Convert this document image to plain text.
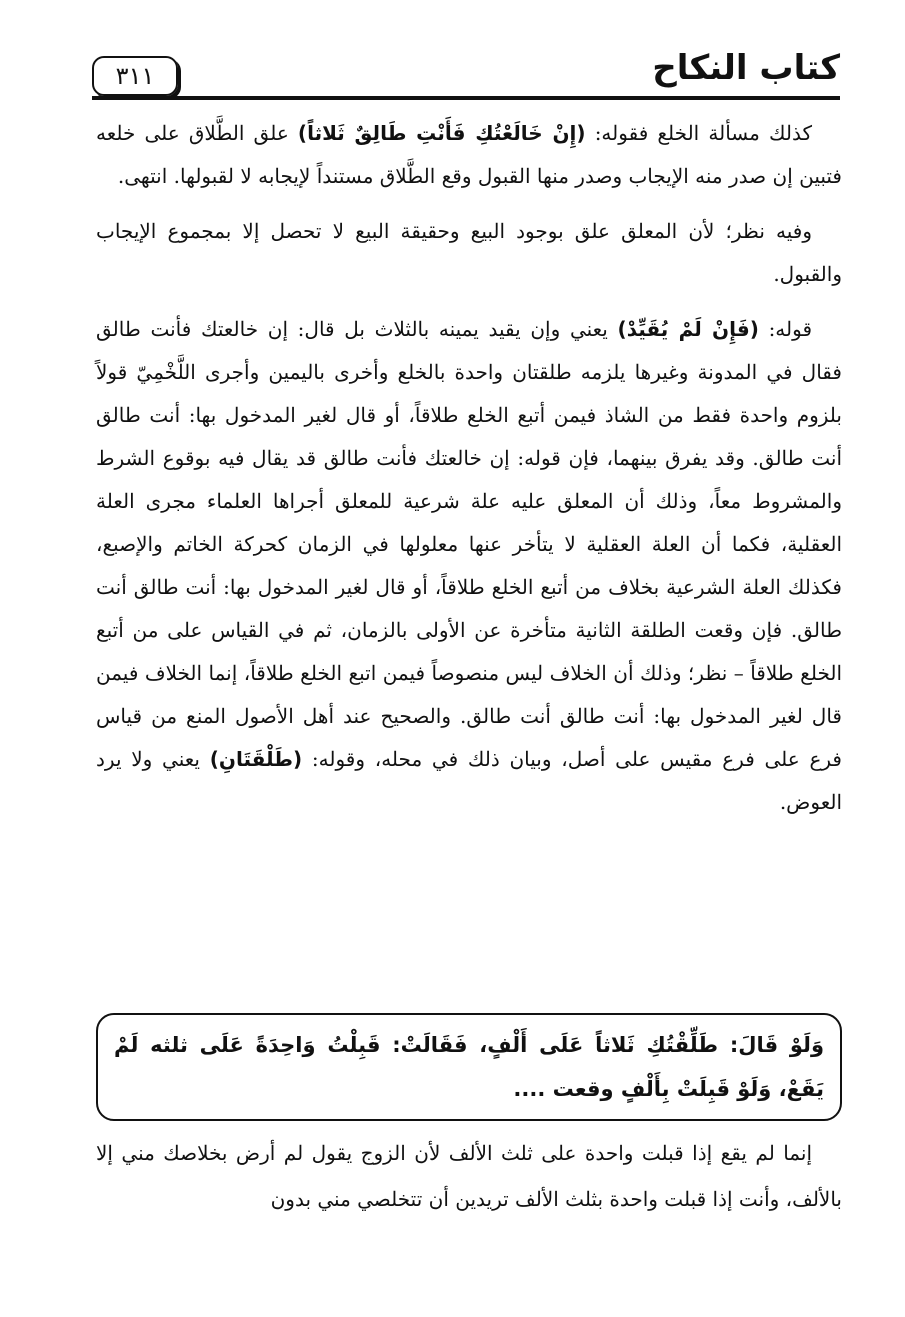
٣١١	كتاب النكاح

كذلك مسألة الخلع فقوله: (إِنْ خَالَعْتُكِ فَأَنْتِ طَالِقٌ ثَلاثاً) علق الطَّلاق على خلعه فتبين إن صدر منه الإيجاب وصدر منها القبول وقع الطَّلاق مستنداً لإيجابه لا لقبولها. انتهى.

وفيه نظر؛ لأن المعلق علق بوجود البيع وحقيقة البيع لا تحصل إلا بمجموع الإيجاب والقبول.

قوله: (فَإِنْ لَمْ يُقَيِّدْ) يعني وإن يقيد يمينه بالثلاث بل قال: إن خالعتك فأنت طالق فقال في المدونة وغيرها يلزمه طلقتان واحدة بالخلع وأخرى باليمين وأجرى اللَّخْمِيّ قولاً بلزوم واحدة فقط من الشاذ فيمن أتبع الخلع طلاقاً، أو قال لغير المدخول بها: أنت طالق أنت طالق. وقد يفرق بينهما، فإن قوله: إن خالعتك فأنت طالق قد يقال فيه بوقوع الشرط والمشروط معاً، وذلك أن المعلق عليه علة شرعية للمعلق أجراها العلماء مجرى العلة العقلية، فكما أن العلة العقلية لا يتأخر عنها معلولها في الزمان كحركة الخاتم والإصبع، فكذلك العلة الشرعية بخلاف من أتبع الخلع طلاقاً، أو قال لغير المدخول بها: أنت طالق أنت طالق. فإن وقعت الطلقة الثانية متأخرة عن الأولى بالزمان، ثم في القياس على من أتبع الخلع طلاقاً – نظر؛ وذلك أن الخلاف ليس منصوصاً فيمن اتبع الخلع طلاقاً، إنما الخلاف فيمن قال لغير المدخول بها: أنت طالق أنت طالق. والصحيح عند أهل الأصول المنع من قياس فرع على فرع مقيس على أصل، وبيان ذلك في محله، وقوله: (طَلْقَتَانِ) يعني ولا يرد العوض.

وَلَوْ قَالَ: طَلِّقْتُكِ ثَلاثاً عَلَى أَلْفٍ، فَقَالَتْ: قَبِلْتُ وَاحِدَةً عَلَى ثلثه لَمْ يَقَعْ، وَلَوْ قَبِلَتْ بِأَلْفٍ وقعت ....

إنما لم يقع إذا قبلت واحدة على ثلث الألف لأن الزوج يقول لم أرض بخلاصك مني إلا بالألف، وأنت إذا قبلت واحدة بثلث الألف تريدين أن تتخلصي مني بدون
